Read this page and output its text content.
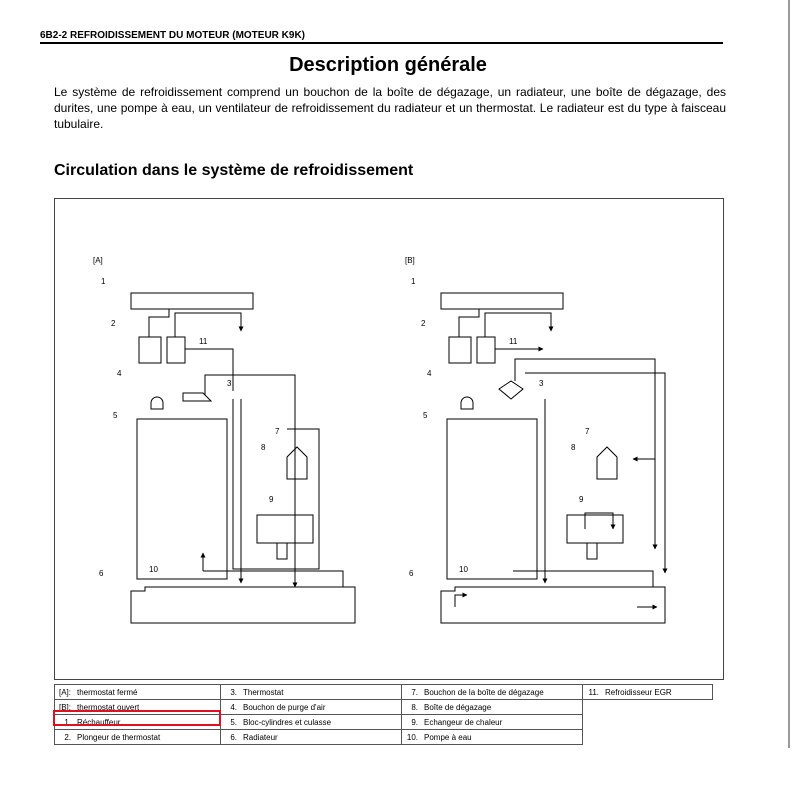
6B2-2 REFROIDISSEMENT DU MOTEUR (MOTEUR K9K)
Description générale
Le système de refroidissement comprend un bouchon de la boîte de dégazage, un radiateur, une boîte de dégazage, des durites, une pompe à eau, un ventilateur de refroidissement du radiateur et un thermostat. Le radiateur est du type à faisceau tubulaire.
Circulation dans le système de refroidissement
[A]	[B]
1
2
3
4
5
6
7
8
9
10
11
1
2
3
4
5
6
7
8
9
10
11
[A]: thermostat fermé	3. Thermostat	7. Bouchon de la boîte de dégazage	11. Refroidisseur EGR
[B]: thermostat ouvert	4. Bouchon de purge d'air	8. Boîte de dégazage	
1. Réchauffeur	5. Bloc-cylindres et culasse	9. Echangeur de chaleur	
2. Plongeur de thermostat	6. Radiateur	10. Pompe à eau	
